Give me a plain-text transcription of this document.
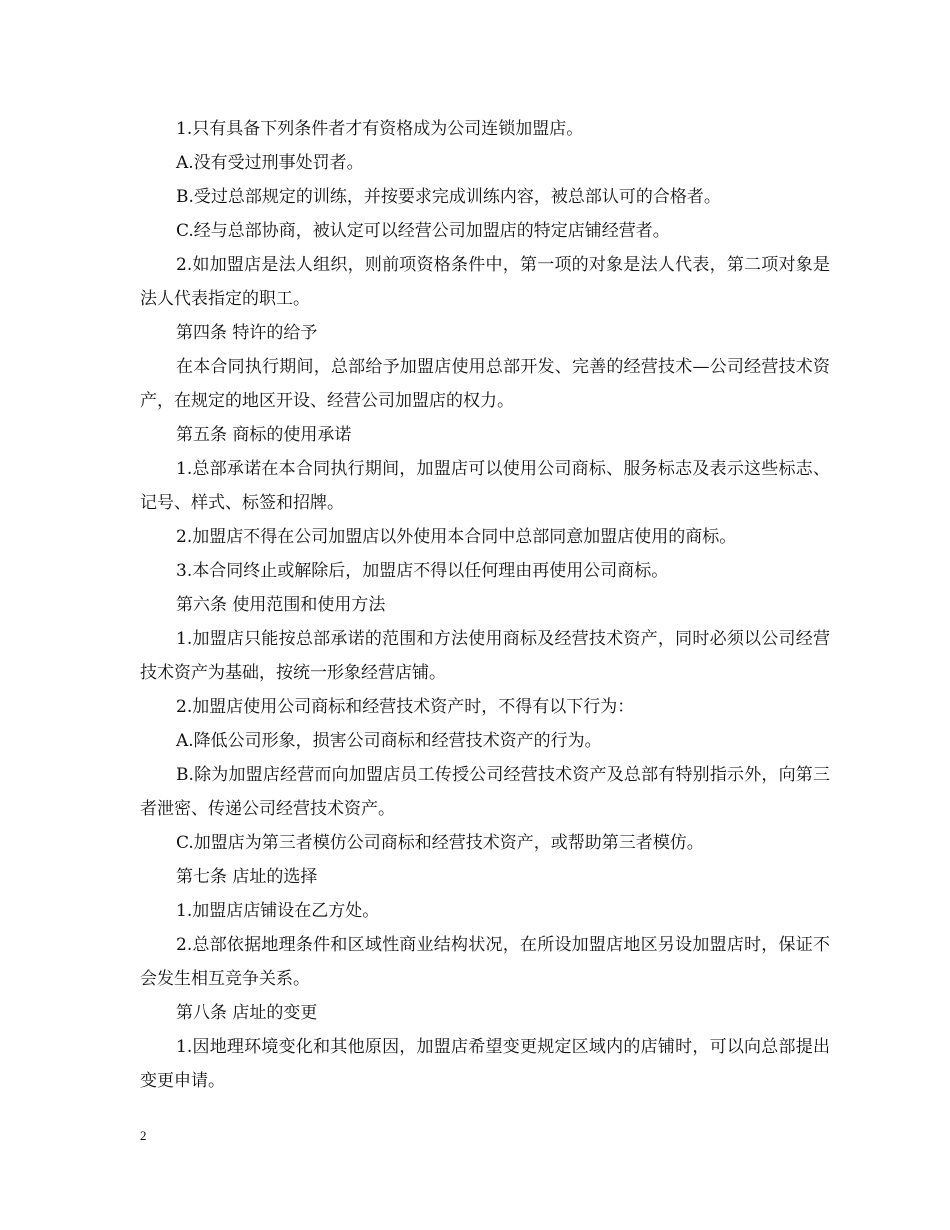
1.只有具备下列条件者才有资格成为公司连锁加盟店。

A.没有受过刑事处罚者。

B.受过总部规定的训练，并按要求完成训练内容，被总部认可的合格者。

C.经与总部协商，被认定可以经营公司加盟店的特定店铺经营者。

2.如加盟店是法人组织，则前项资格条件中，第一项的对象是法人代表，第二项对象是法人代表指定的职工。

第四条 特许的给予

在本合同执行期间，总部给予加盟店使用总部开发、完善的经营技术—公司经营技术资产，在规定的地区开设、经营公司加盟店的权力。

第五条 商标的使用承诺

1.总部承诺在本合同执行期间，加盟店可以使用公司商标、服务标志及表示这些标志、记号、样式、标签和招牌。

2.加盟店不得在公司加盟店以外使用本合同中总部同意加盟店使用的商标。

3.本合同终止或解除后，加盟店不得以任何理由再使用公司商标。

第六条 使用范围和使用方法

1.加盟店只能按总部承诺的范围和方法使用商标及经营技术资产，同时必须以公司经营技术资产为基础，按统一形象经营店铺。

2.加盟店使用公司商标和经营技术资产时，不得有以下行为：

A.降低公司形象，损害公司商标和经营技术资产的行为。

B.除为加盟店经营而向加盟店员工传授公司经营技术资产及总部有特别指示外，向第三者泄密、传递公司经营技术资产。

C.加盟店为第三者模仿公司商标和经营技术资产，或帮助第三者模仿。

第七条 店址的选择

1.加盟店店铺设在乙方处。

2.总部依据地理条件和区域性商业结构状况，在所设加盟店地区另设加盟店时，保证不会发生相互竞争关系。

第八条 店址的变更

1.因地理环境变化和其他原因，加盟店希望变更规定区域内的店铺时，可以向总部提出变更申请。

2
